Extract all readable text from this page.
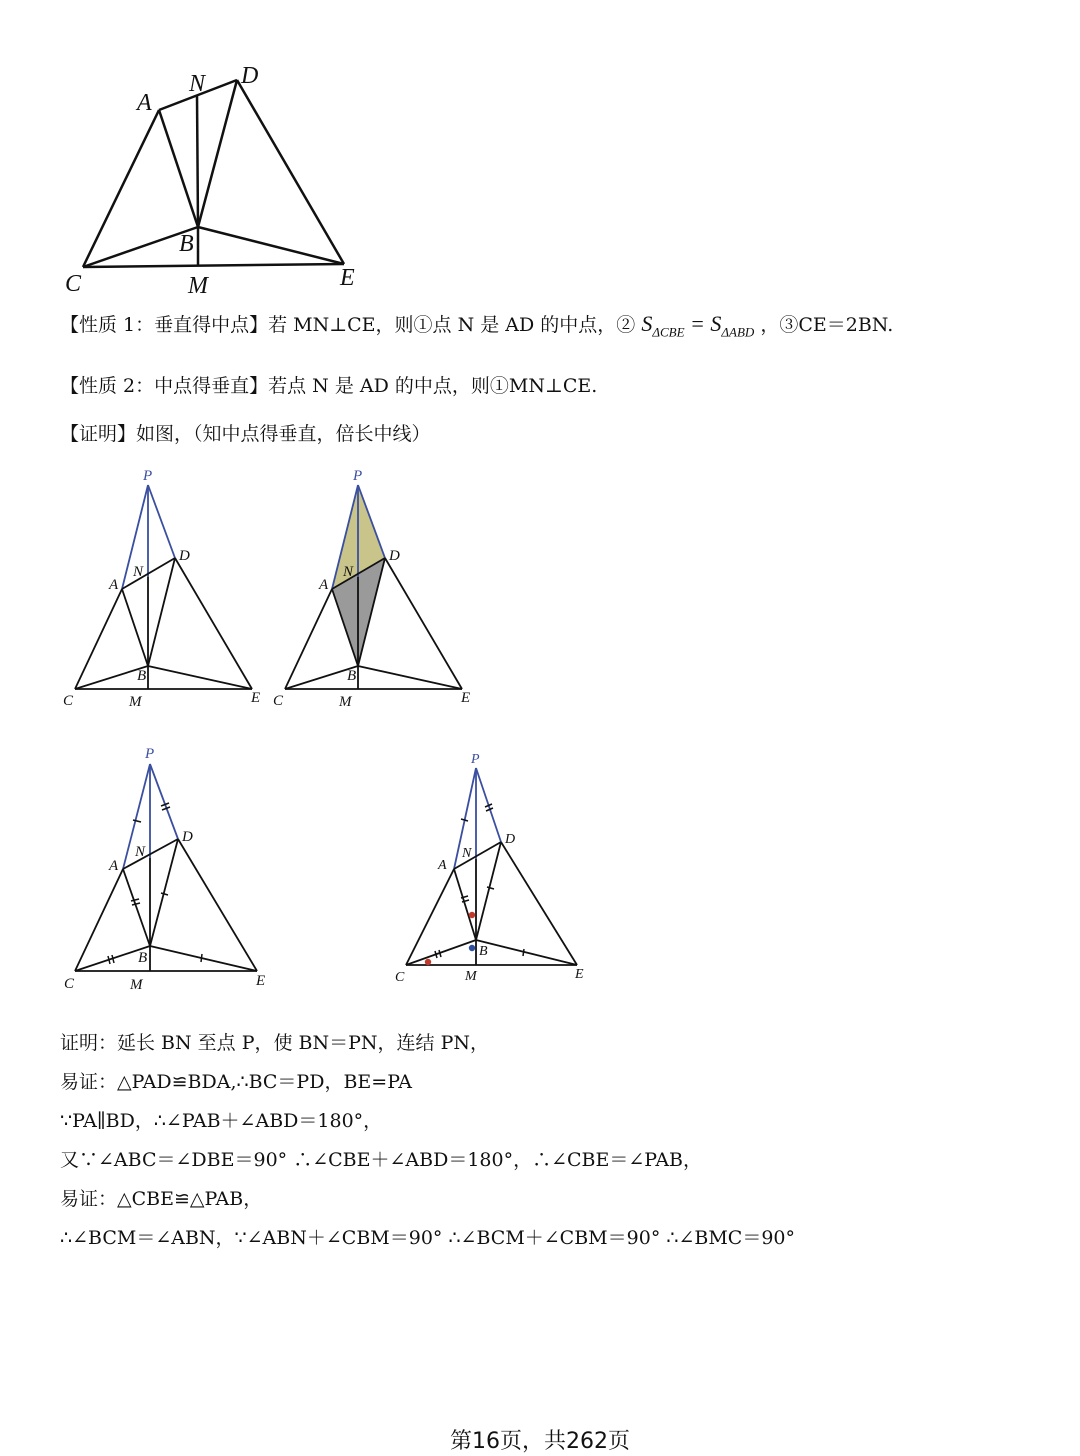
A
N D
B
C	M	E
【性质 1：垂直得中点】若 MN⊥CE，则①点 N 是 AD 的中点，② $S_{\Delta CBE} = S_{\Delta ABD}$ ，③CE＝2BN.
【性质 2：中点得垂直】若点 N 是 AD 的中点，则①MN⊥CE.
【证明】如图，（知中点得垂直，倍长中线）
P
A
N
D
B
C	M	E
P
A
N
D
B
C	M	E
P
A
N
D
B
C	M	E
P
A
N
D
B
C	M	E
证明：延长 BN 至点 P，使 BN＝PN，连结 PN，
易证：△PAD≌BDA,∴BC＝PD，BE=PA
∵PA∥BD，∴∠PAB＋∠ABD＝180°，
又∵∠ABC＝∠DBE＝90° ∴∠CBE＋∠ABD＝180°，∴∠CBE＝∠PAB，
易证：△CBE≌△PAB，
∴∠BCM＝∠ABN，∵∠ABN＋∠CBM＝90° ∴∠BCM＋∠CBM＝90° ∴∠BMC＝90°
第16页，共262页
